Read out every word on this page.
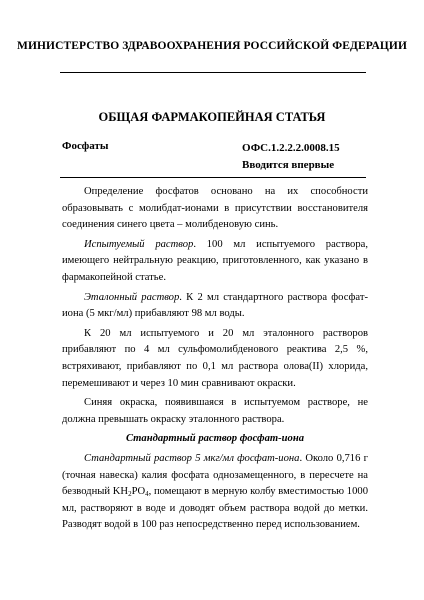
МИНИСТЕРСТВО ЗДРАВООХРАНЕНИЯ РОССИЙСКОЙ ФЕДЕРАЦИИ
ОБЩАЯ ФАРМАКОПЕЙНАЯ СТАТЬЯ
Фосфаты	ОФС.1.2.2.2.0008.15
Вводится впервые

Определение фосфатов основано на их способности образовывать с молибдат-ионами в присутствии восстановителя соединения синего цвета – молибденовую синь.

Испытуемый раствор. 100 мл испытуемого раствора, имеющего нейтральную реакцию, приготовленного, как указано в фармакопейной статье.

Эталонный раствор. К 2 мл стандартного раствора фосфат-иона (5 мкг/мл) прибавляют 98 мл воды.

К 20 мл испытуемого и 20 мл эталонного растворов прибавляют по 4 мл сульфомолибденового реактива 2,5 %, встряхивают, прибавляют по 0,1 мл раствора олова(II) хлорида, перемешивают и через 10 мин сравнивают окраски.

Синяя окраска, появившаяся в испытуемом растворе, не должна превышать окраску эталонного раствора.

Стандартный раствор фосфат-иона

Стандартный раствор 5 мкг/мл фосфат-иона. Около 0,716 г (точная навеска) калия фосфата однозамещенного, в пересчете на безводный $KH_2PO_4$, помещают в мерную колбу вместимостью 1000 мл, растворяют в воде и доводят объем раствора водой до метки. Разводят водой в 100 раз непосредственно перед использованием.
